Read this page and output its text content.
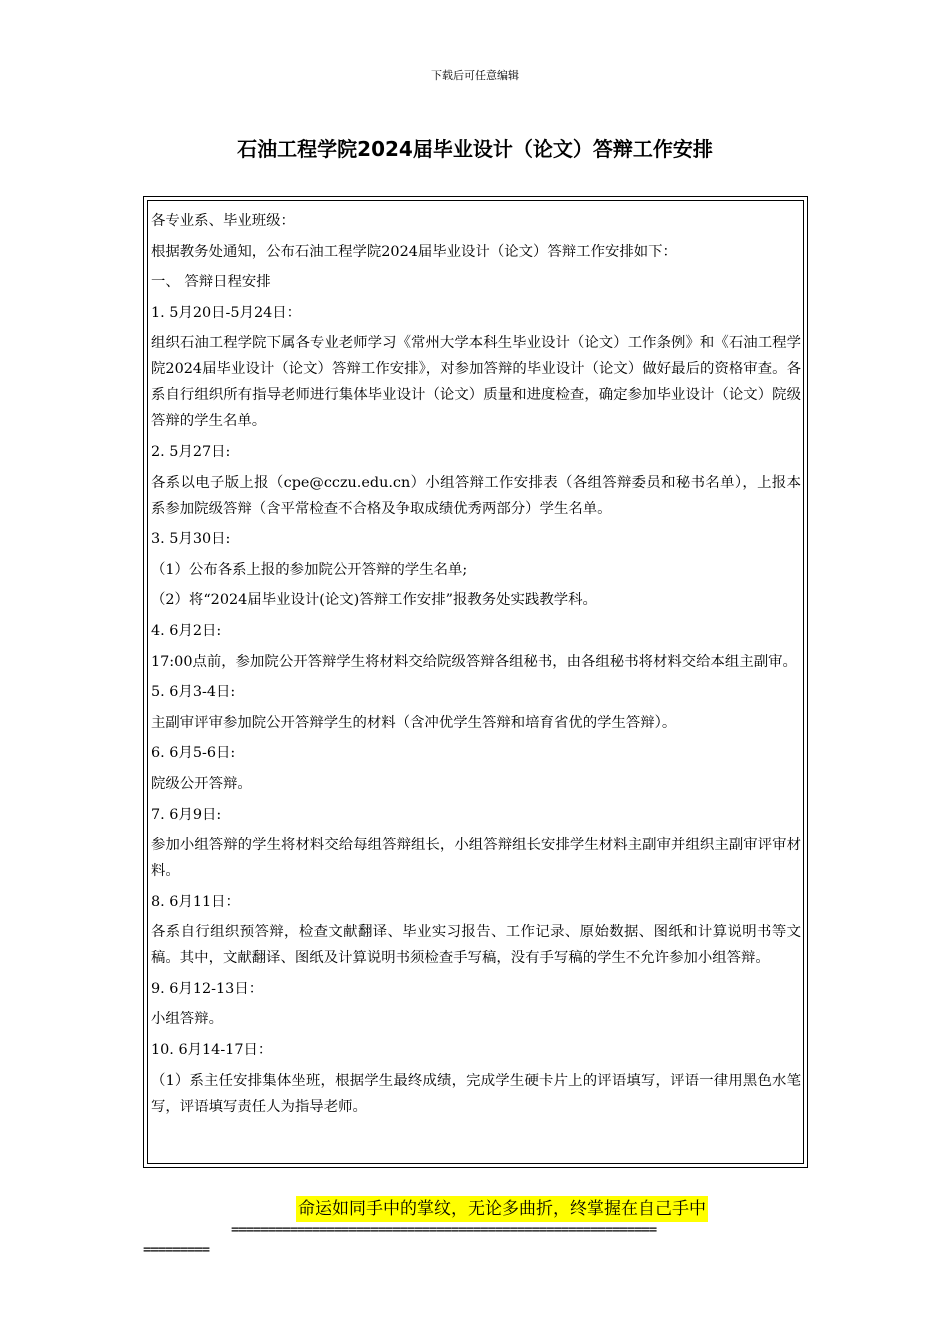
下载后可任意编辑
石油工程学院2024届毕业设计（论文）答辩工作安排
各专业系、毕业班级：
根据教务处通知，公布石油工程学院2024届毕业设计（论文）答辩工作安排如下：
一、 答辩日程安排
1. 5月20日-5月24日：
组织石油工程学院下属各专业老师学习《常州大学本科生毕业设计（论文）工作条例》和《石油工程学院2024届毕业设计（论文）答辩工作安排》，对参加答辩的毕业设计（论文）做好最后的资格审查。各系自行组织所有指导老师进行集体毕业设计（论文）质量和进度检查，确定参加毕业设计（论文）院级答辩的学生名单。
2. 5月27日:
各系以电子版上报（cpe@cczu.edu.cn）小组答辩工作安排表（各组答辩委员和秘书名单），上报本系参加院级答辩（含平常检查不合格及争取成绩优秀两部分）学生名单。
3. 5月30日:
（1）公布各系上报的参加院公开答辩的学生名单;
（2）将“2024届毕业设计(论文)答辩工作安排”报教务处实践教学科。
4. 6月2日:
17:00点前，参加院公开答辩学生将材料交给院级答辩各组秘书，由各组秘书将材料交给本组主副审。
5. 6月3-4日:
主副审评审参加院公开答辩学生的材料（含冲优学生答辩和培育省优的学生答辩）。
6. 6月5-6日:
院级公开答辩。
7. 6月9日:
参加小组答辩的学生将材料交给每组答辩组长，小组答辩组长安排学生材料主副审并组织主副审评审材料。
8. 6月11日：
各系自行组织预答辩，检查文献翻译、毕业实习报告、工作记录、原始数据、图纸和计算说明书等文稿。其中，文献翻译、图纸及计算说明书须检查手写稿，没有手写稿的学生不允许参加小组答辩。
9. 6月12-13日：
小组答辩。
10. 6月14-17日：
（1）系主任安排集体坐班，根据学生最终成绩，完成学生硬卡片上的评语填写，评语一律用黑色水笔写，评语填写责任人为指导老师。
命运如同手中的掌纹，无论多曲折，终掌握在自己手中
==========================================================
=========
